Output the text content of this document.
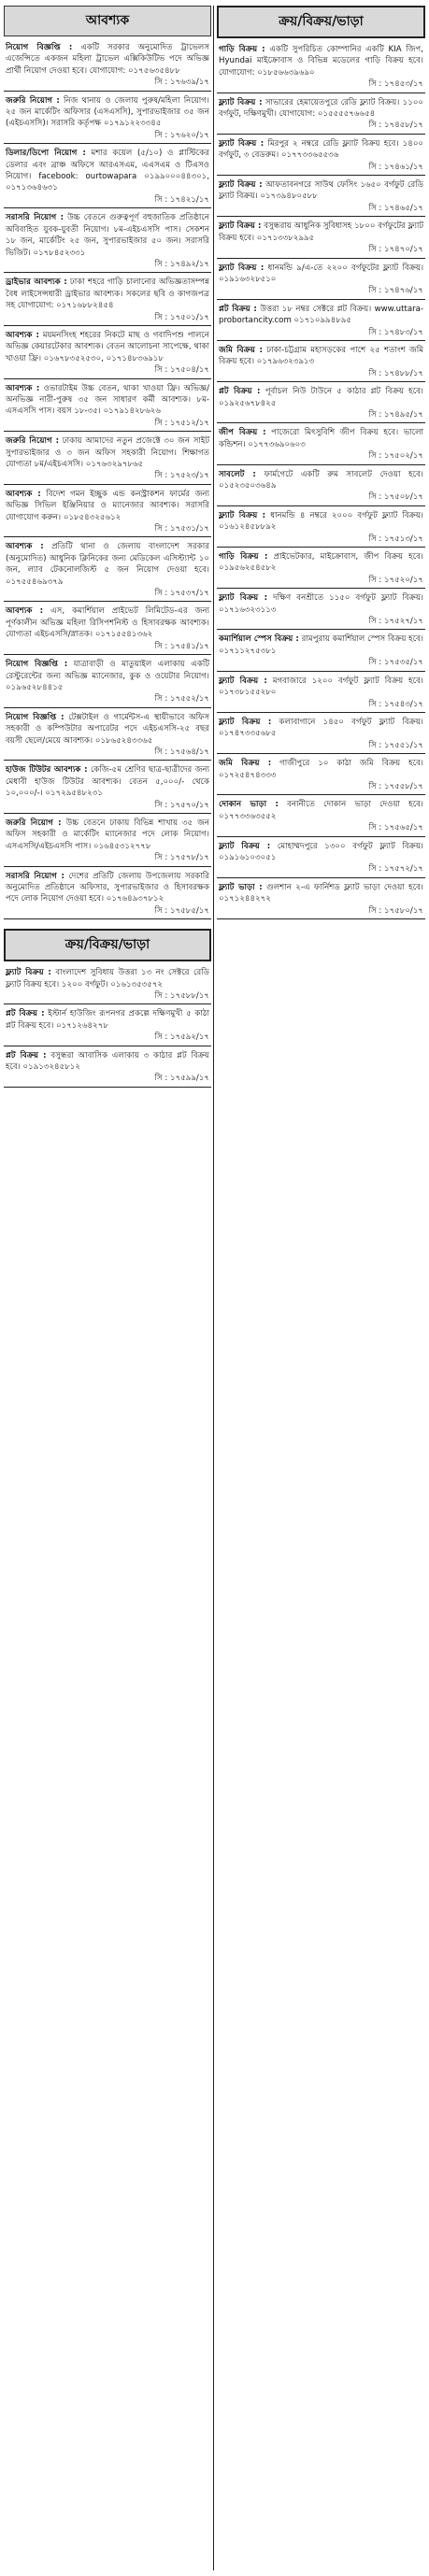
আবশ্যক

নিয়োগ বিজ্ঞপ্তি : একটি সরকার অনুমোদিত ট্রাভেলস এজেন্সিতে একজন মহিলা ট্রাভেল এক্সিকিউটিভ পদে অভিজ্ঞ প্রার্থী নিয়োগ দেওয়া হবে। যোগাযোগ: ০১৭৫৬৩৫৪৮৮

সি : ১৭৬৩৯/১৭

জরুরি নিয়োগ : নিজ থানায় ও জেলায় পুরুষ/মহিলা নিয়োগ। ২৫ জন মার্কেটিং অফিসার (এসএসসি), সুপারভাইজার ৩৫ জন (এইচএসসি)। সরাসরি কর্তৃপক্ষ ০১৭৯১২২৩৩৪৫

সি : ১৭৬২০/১৭

ডিলার/ডিপো নিয়োগ : মশার কয়েল (৫/১০) ও প্লাস্টিকের ডেলার এবং ব্রাঞ্চ অফিসে আরএসএম, এএসএম ও টিএসও নিয়োগ। facebook: ourtowapara ০১৯৯০০০৪৪৩০১, ০১৭১৩৬৪৬৩১

সি : ১৭৪২১/১৭

সরাসরি নিয়োগ : উচ্চ বেতনে গুরুত্বপূর্ণ বহুজাতিক প্রতিষ্ঠানে অবিবাহিত যুবক-যুবতী নিয়োগ। ৮ম-এইচএসসি পাস। সেকশন ১৮ জন, মার্কেটিং ২৫ জন, সুপারভাইজার ৫০ জন। সরাসরি ভিজিট। ০১৭৮৪৫২৩৩১

সি : ১৭৪৯২/১৭

ড্রাইভার আবশ্যক : ঢাকা শহরে গাড়ি চালানোর অভিজ্ঞতাসম্পন্ন বৈধ লাইসেন্সধারী ড্রাইভার আবশ্যক। সকলের ছবি ও কাগজপত্র সহ যোগাযোগ: ০১৭১৬৮৮২৪৫৪

সি : ১৭৫০১/১৭

আবশ্যক : ময়মনসিংহ শহরের নিকটে মাছ ও গবাদিপশু পালনে অভিজ্ঞ কেয়ারটেকার আবশ্যক। বেতন আলোচনা সাপেক্ষে, থাকা খাওয়া ফ্রি। ০১৬৭৮৩৫২৫৩০, ০১৭১৪৮৩৬৯১৮

সি : ১৭৫০৪/১৭

আবশ্যক : ওভারটাইম উচ্চ বেতন, থাকা খাওয়া ফ্রি। অভিজ্ঞ/অনভিজ্ঞ নারী-পুরুষ ৩৫ জন সাধারণ কর্মী আবশ্যক। ৮ম-এসএসসি পাস। বয়স ১৮-৩৫। ০১৭৯১৪২৮৬২৬

সি : ১৭৫১২/১৭

জরুরি নিয়োগ : ঢাকায় আমাদের নতুন প্রজেক্টে ৩০ জন সাইট সুপারভাইজার ও ৩ জন অফিস সহকারী নিয়োগ। শিক্ষাগত যোগ্যতা ৮ম/এইচএসসি। ০১৭৬৩২৯৭৮৬৫

সি : ১৭৫২৩/১৭

আবশ্যক : বিদেশ গমন ইচ্ছুক এন্ড কনস্ট্রাকশন ফার্মের জন্য অভিজ্ঞ সিভিল ইঞ্জিনিয়ার ও ম্যানেজার আবশ্যক। সরাসরি যোগাযোগ করুন। ০১৮৫৪৩২৫৬১২

সি : ১৭৫৩১/১৭

আবশ্যক : প্রতিটি থানা ও জেলায় বাংলাদেশ সরকার (অনুমোদিত) আধুনিক ক্লিনিকের জন্য মেডিকেল এসিস্ট্যান্ট ১০ জন, ল্যাব টেকনোলজিস্ট ৫ জন নিয়োগ দেওয়া হবে। ০১৭৫৫৪৬৯৩৭৯

সি : ১৭৫৩৭/১৭

আবশ্যক : এস, কমার্শিয়াল প্রাইভেট লিমিটেড-এর জন্য পূর্ণকালীন অভিজ্ঞ মহিলা রিসিপশনিস্ট ও হিসাবরক্ষক আবশ্যক। যোগ্যতা এইচএসসি/স্নাতক। ০১৭১৫৫৪১৩৬২

সি : ১৭৫৪১/১৭

নিয়োগ বিজ্ঞপ্তি : যাত্রাবাড়ী ও মাতুয়াইল এলাকায় একটি রেস্টুরেন্টের জন্য অভিজ্ঞ ম্যানেজার, কুক ও ওয়েটার নিয়োগ। ০১৯৬৫২৮৪৪১৫

সি : ১৭৫৫২/১৭

নিয়োগ বিজ্ঞপ্তি : টেক্সটাইল ও গার্মেন্টস-এ স্থায়ীভাবে অফিস সহকারী ও কম্পিউটার অপারেটর পদে এইচএসসি-২৫ বছর বয়সী ছেলে/মেয়ে আবশ্যক। ০১৮৬৫২৪৩৩৬৫

সি : ১৭৫৬৪/১৭

হাউজ টিউটর আবশ্যক : কেজি-৫ম শ্রেণির ছাত্র-ছাত্রীদের জন্য মেধাবী হাউজ টিউটর আবশ্যক। বেতন ৫,০০০/- থেকে ১০,০০০/-। ০১৭২৯৫৪৮২৩১

সি : ১৭৫৭০/১৭

জরুরি নিয়োগ : উচ্চ বেতনে ঢাকায় বিভিন্ন শাখায় ৩৫ জন অফিস সহকারী ও মার্কেটিং ম্যানেজার পদে লোক নিয়োগ। এসএসসি/এইচএসসি পাস। ০১৬৪৫৩১২৭৭৮

সি : ১৭৫৭৮/১৭

সরাসরি নিয়োগ : দেশের প্রতিটি জেলায় উপজেলায় সরকারি অনুমোদিত প্রতিষ্ঠানে অফিসার, সুপারভাইজার ও হিসাবরক্ষক পদে লোক নিয়োগ দেওয়া হবে। ০১৭৬৪৯৩৭৮১২

সি : ১৭৫৮৫/১৭
ক্রয়/বিক্রয়/ভাড়া

ফ্ল্যাট বিক্রয় : বাংলাদেশ সুবিধায় উত্তরা ১৩ নং সেক্টরে রেডি ফ্ল্যাট বিক্রয় হবে। ১২০০ বর্গফুট। ০১৬১৩৫৩৫৭২

সি : ১৭৫৮৮/১৭

প্লট বিক্রয় : ইস্টার্ন হাউজিং রূপনগর প্রকল্পে দক্ষিণমুখী ৫ কাঠা প্লট বিক্রয় হবে। ০১৭১২৬৪২৭৮

সি : ১৭৫৯২/১৭

প্লট বিক্রয় : বসুন্ধরা আবাসিক এলাকায় ৩ কাঠার প্লট বিক্রয় হবে। ০১৯১৩২৪৫৮১২

সি : ১৭৫৯৯/১৭
ক্রয়/বিক্রয়/ভাড়া

গাড়ি বিক্রয় : একটি সুপরিচিত কোম্পানির একটি KIA জিপ, Hyundai মাইক্রোবাস ও বিভিন্ন মডেলের গাড়ি বিক্রয় হবে। যোগাযোগ: ০১৮৫৬৬৩৯৬৯০

সি : ১৭৪৫৩/১৭

ফ্ল্যাট বিক্রয় : সাভারের হেমায়েতপুরে রেডি ফ্ল্যাট বিক্রয়। ১১০০ বর্গফুট, দক্ষিণমুখী। যোগাযোগ: ০১৫৫৫৫৭৬৬৫৪

সি : ১৭৪৫৮/১৭

ফ্ল্যাট বিক্রয় : মিরপুর ২ নম্বরে রেডি ফ্ল্যাট বিক্রয় হবে। ১৪০০ বর্গফুট, ৩ বেডরুম। ০১৭৭৩৩৬৫৫৩৬

সি : ১৭৪৬১/১৭

ফ্ল্যাট বিক্রয় : আফতাবনগরে সাউথ ফেসিং ১৬৫০ বর্গফুট রেডি ফ্ল্যাট বিক্রয়। ০১৭৩৯৪৮০৫৮৮

সি : ১৭৪৬৫/১৭

ফ্ল্যাট বিক্রয় : বসুন্ধরায় আধুনিক সুবিধাসহ ১৮০০ বর্গফুটের ফ্ল্যাট বিক্রয় হবে। ০১৭১৩৩৮২৯৯৫

সি : ১৭৪৭০/১৭

ফ্ল্যাট বিক্রয় : ধানমন্ডি ৯/এ-তে ২২০০ বর্গফুটের ফ্ল্যাট বিক্রয়। ০১৯১৬৩২৮৫১০

সি : ১৭৪৭৬/১৭

প্লট বিক্রয় : উত্তরা ১৮ নম্বর সেক্টরে প্লট বিক্রয়। www.uttara-probortancity.com ০১৭১০৯৯৪৮৯৫

সি : ১৭৪৮৩/১৭

জমি বিক্রয় : ঢাকা-চট্টগ্রাম মহাসড়কের পাশে ২৫ শতাংশ জমি বিক্রয় হবে। ০১৭৯৬৩২৩৯১৩

সি : ১৭৪৮৮/১৭

প্লট বিক্রয় : পূর্বাচল নিউ টাউনে ৫ কাঠার প্লট বিক্রয় হবে। ০১৯২৫৬৭৮৪২৫

সি : ১৭৪৯৫/১৭

জীপ বিক্রয় : পাজেরো মিৎসুবিশি জীপ বিক্রয় হবে। ভালো কন্ডিশন। ০১৭৭৩৬৯০৬০৩

সি : ১৭৫০২/১৭

সাবলেট : ফার্মগেটে একটি রুম সাবলেট দেওয়া হবে। ০১৫২৩৫০৩৬৪৯

সি : ১৭৫০৮/১৭

ফ্ল্যাট বিক্রয় : ধানমন্ডি ৪ নম্বরে ২০০০ বর্গফুট ফ্ল্যাট বিক্রয়। ০১৬১২৪৫৮৮৯২

সি : ১৭৫১৩/১৭

গাড়ি বিক্রয় : প্রাইভেটকার, মাইক্রোবাস, জীপ বিক্রয় হবে। ০১৯৫৬২৫৪৫৮২

সি : ১৭৫২০/১৭

ফ্ল্যাট বিক্রয় : দক্ষিণ বনশ্রীতে ১১৫০ বর্গফুট ফ্ল্যাট বিক্রয়। ০১৭১৬৩২৩১১৩

সি : ১৭৫২৭/১৭

কমার্শিয়াল স্পেস বিক্রয় : রামপুরায় কমার্শিয়াল স্পেস বিক্রয় হবে। ০১৭১১২৭৫৩৮১

সি : ১৭৫৩৫/১৭

ফ্ল্যাট বিক্রয় : মগবাজারে ১২০০ বর্গফুট ফ্ল্যাট বিক্রয় হবে। ০১৭৩৮১৫৫২৮০

সি : ১৭৫৪৩/১৭

ফ্ল্যাট বিক্রয় : কলাবাগানে ১৪৫০ বর্গফুট ফ্ল্যাট বিক্রয়। ০১৭৪৭৩৩৫৬৮৫

সি : ১৭৫৫১/১৭

জমি বিক্রয় : গাজীপুরে ১০ কাঠা জমি বিক্রয় হবে। ০১৭২৫৪৭৪৩৩৩

সি : ১৭৫৫৮/১৭

দোকান ভাড়া : বনানীতে দোকান ভাড়া দেওয়া হবে। ০১৭৭৩৩৬৩৫৫২

সি : ১৭৫৬৫/১৭

ফ্ল্যাট বিক্রয় : মোহাম্মদপুরে ১৩০০ বর্গফুট ফ্ল্যাট বিক্রয়। ০১৯১৬১০৩০৫১

সি : ১৭৫৭২/১৭

ফ্ল্যাট ভাড়া : গুলশান ২-এ ফার্নিশড ফ্ল্যাট ভাড়া দেওয়া হবে। ০১৭১২৪৪২৭২

সি : ১৭৫৮০/১৭
